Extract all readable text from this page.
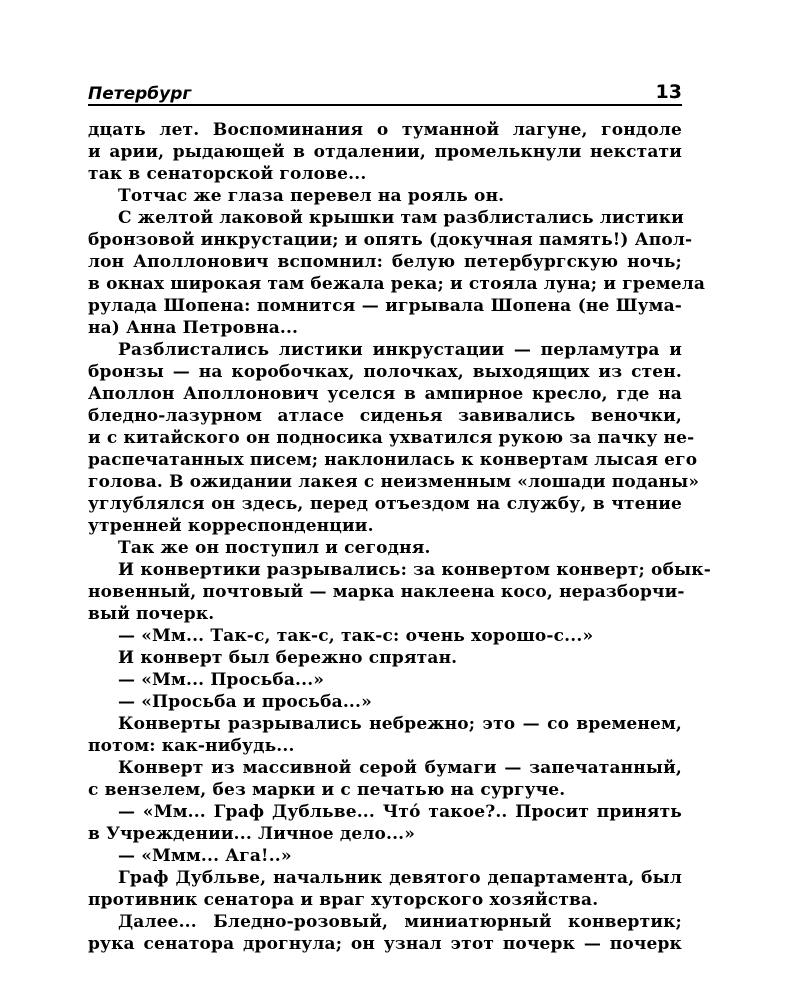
Петербург	13
дцать лет. Воспоминания о туманной лагуне, гондоле
и арии, рыдающей в отдалении, промелькнули некстати
так в сенаторской голове...
Тотчас же глаза перевел на рояль он.
С желтой лаковой крышки там разблистались листики
бронзовой инкрустации; и опять (докучная память!) Апол-
лон Аполлонович вспомнил: белую петербургскую ночь;
в окнах широкая там бежала река; и стояла луна; и гремела
рулада Шопена: помнится — игрывала Шопена (не Шума-
на) Анна Петровна...
Разблистались листики инкрустации — перламутра и
бронзы — на коробочках, полочках, выходящих из стен.
Аполлон Аполлонович уселся в ампирное кресло, где на
бледно-лазурном атласе сиденья завивались веночки,
и с китайского он подносика ухватился рукою за пачку не-
распечатанных писем; наклонилась к конвертам лысая его
голова. В ожидании лакея с неизменным «лошади поданы»
углублялся он здесь, перед отъездом на службу, в чтение
утренней корреспонденции.
Так же он поступил и сегодня.
И конвертики разрывались: за конвертом конверт; обык-
новенный, почтовый — марка наклеена косо, неразборчи-
вый почерк.
— «Мм... Так-с, так-с, так-с: очень хорошо-с...»
И конверт был бережно спрятан.
— «Мм... Просьба...»
— «Просьба и просьба...»
Конверты разрывались небрежно; это — со временем,
потом: как-нибудь...
Конверт из массивной серой бумаги — запечатанный,
с вензелем, без марки и с печатью на сургуче.
— «Мм... Граф Дубльве... Что́ такое?.. Просит принять
в Учреждении... Личное дело...»
— «Ммм... Ага!..»
Граф Дубльве, начальник девятого департамента, был
противник сенатора и враг хуторского хозяйства.
Далее... Бледно-розовый, миниатюрный конвертик;
рука сенатора дрогнула; он узнал этот почерк — почерк
